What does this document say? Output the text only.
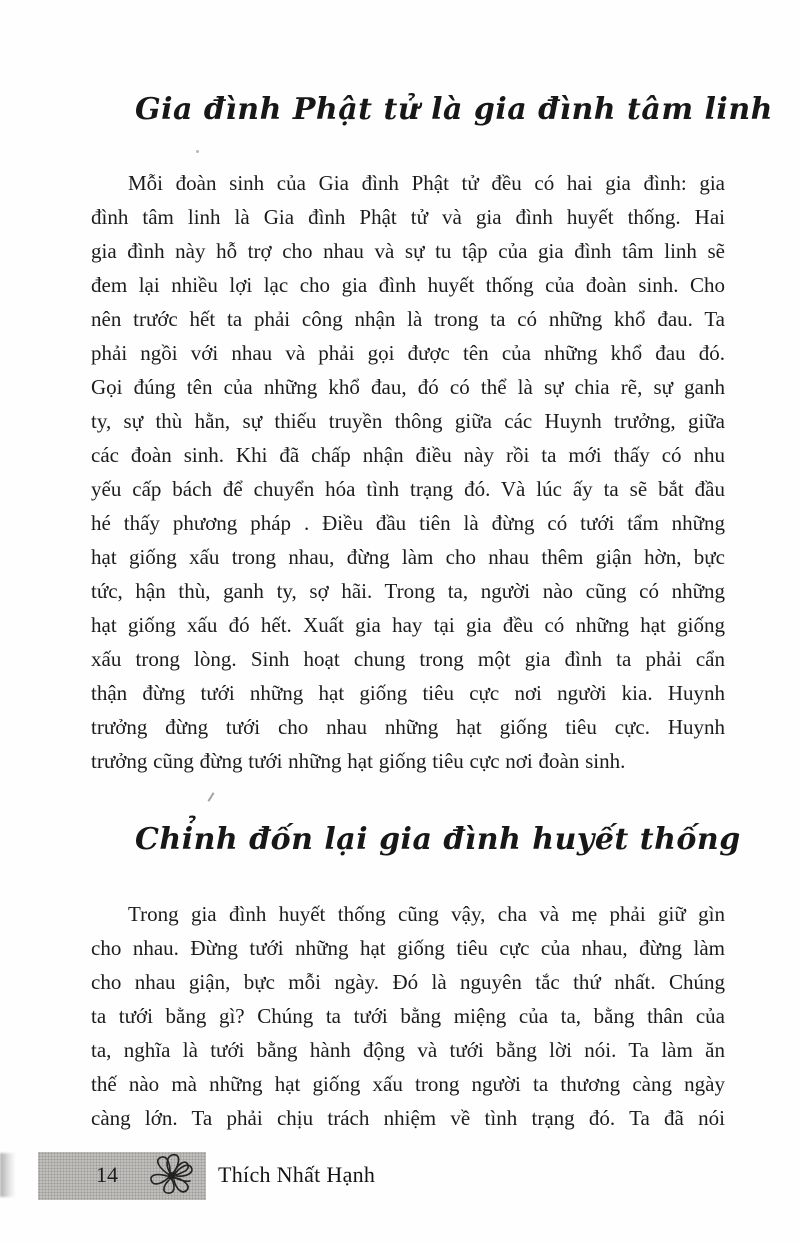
Gia đình Phật tử là gia đình tâm linh
Mỗi đoàn sinh của Gia đình Phật tử đều có hai gia đình: gia
đình tâm linh là Gia đình Phật tử và gia đình huyết thống. Hai
gia đình này hỗ trợ cho nhau và sự tu tập của gia đình tâm linh sẽ
đem lại nhiều lợi lạc cho gia đình huyết thống của đoàn sinh. Cho
nên trước hết ta phải công nhận là trong ta có những khổ đau. Ta
phải ngồi với nhau và phải gọi được tên của những khổ đau đó.
Gọi đúng tên của những khổ đau, đó có thể là sự chia rẽ, sự ganh
ty, sự thù hằn, sự thiếu truyền thông giữa các Huynh trưởng, giữa
các đoàn sinh. Khi đã chấp nhận điều này rồi ta mới thấy có nhu
yếu cấp bách để chuyển hóa tình trạng đó. Và lúc ấy ta sẽ bắt đầu
hé thấy phương pháp . Điều đầu tiên là đừng có tưới tẩm những
hạt giống xấu trong nhau, đừng làm cho nhau thêm giận hờn, bực
tức, hận thù, ganh ty, sợ hãi. Trong ta, người nào cũng có những
hạt giống xấu đó hết. Xuất gia hay tại gia đều có những hạt giống
xấu trong lòng. Sinh hoạt chung trong một gia đình ta phải cẩn
thận đừng tưới những hạt giống tiêu cực nơi người kia. Huynh
trưởng đừng tưới cho nhau những hạt giống tiêu cực. Huynh
trưởng cũng đừng tưới những hạt giống tiêu cực nơi đoàn sinh.
Chỉnh đốn lại gia đình huyết thống
Trong gia đình huyết thống cũng vậy, cha và mẹ phải giữ gìn
cho nhau. Đừng tưới những hạt giống tiêu cực của nhau, đừng làm
cho nhau giận, bực mỗi ngày. Đó là nguyên tắc thứ nhất. Chúng
ta tưới bằng gì? Chúng ta tưới bằng miệng của ta, bằng thân của
ta, nghĩa là tưới bằng hành động và tưới bằng lời nói. Ta làm ăn
thế nào mà những hạt giống xấu trong người ta thương càng ngày
càng lớn. Ta phải chịu trách nhiệm về tình trạng đó. Ta đã nói
14	Thích Nhất Hạnh
